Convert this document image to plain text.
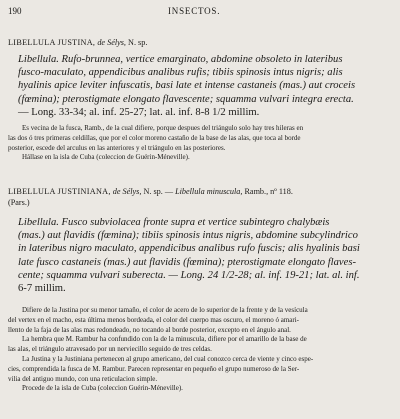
190	INSECTOS.
LIBELLULA JUSTINA, de Sélys, N. sp.
Libellula. Rufo-brunnea, vertice emarginato, abdomine obsoleto in lateribus
fusco-maculato, appendicibus analibus rufis; tibiis spinosis intus nigris; alis
hyalinis apice leviter infuscatis, basi late et intense castaneis (mas.) aut croceis
(fœmina); pterostigmate elongato flavescente; squamma vulvari integra erecta.
— Long. 33-34; al. inf. 25-27; lat. al. inf. 8-8 1/2 millim.
Es vecina de la fusca, Ramb., de la cual difiere, porque despues del triángulo solo hay tres hileras en
las dos ó tres primeras celdillas, que por el color moreno castaño de la base de las alas, que toca al borde
posterior, escede del arculus en las anteriores y el triángulo en las posteriores.
Hállase en la isla de Cuba (coleccion de Guérin-Méneville).
LIBELLULA JUSTINIANA, de Sélys, N. sp. — Libellula minuscula, Ramb., nº 118.
(Pars.)
Libellula. Fusco subviolacea fronte supra et vertice subintegro chalybæis
(mas.) aut flavidis (fœmina); tibiis spinosis intus nigris, abdomine subcylindrico
in lateribus nigro maculato, appendicibus analibus rufo fuscis; alis hyalinis basi
late fusco castaneis (mas.) aut flavidis (fœmina); pterostigmate elongato flaves-
cente; squamma vulvari suberecta. — Long. 24 1/2-28; al. inf. 19-21; lat. al. inf.
6-7 millim.
Difiere de la Justina por su menor tamaño, el color de acero de lo superior de la frente y de la vesícula
del vertex en el macho, esta última menos bordeada, el color del cuerpo mas oscuro, el moreno ó amari-
llento de la faja de las alas mas redondeado, no tocando al borde posterior, excepto en el ángulo anal.
La hembra que M. Rambur ha confundido con la de la minuscula, difiere por el amarillo de la base de
las alas, el triángulo atravesado por un nerviecillo seguido de tres celdas.
La Justina y la Justiniana pertenecen al grupo americano, del cual conozco cerca de viente y cinco espe-
cies, comprendida la fusca de M. Rambur. Parecen representar en pequeño el grupo numeroso de la Ser-
vilia del antiguo mundo, con una reticulacion simple.
Procede de la isla de Cuba (coleccion Guérin-Méneville).
